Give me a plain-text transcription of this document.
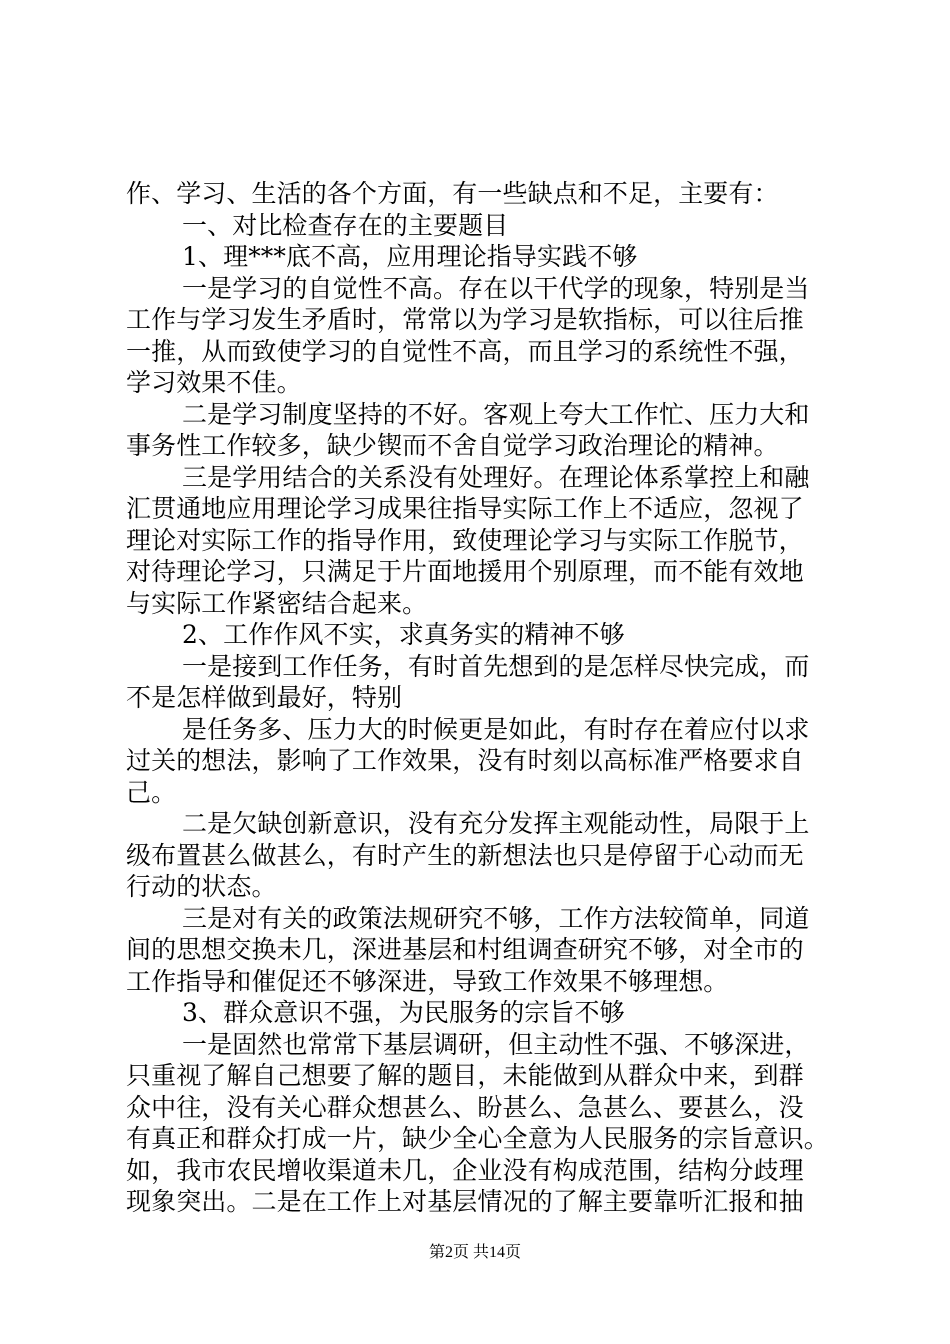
作、学习、生活的各个方面，有一些缺点和不足，主要有：

一、对比检查存在的主要题目

1、理***底不高，应用理论指导实践不够

一是学习的自觉性不高。存在以干代学的现象，特别是当

工作与学习发生矛盾时，常常以为学习是软指标，可以往后推

一推，从而致使学习的自觉性不高，而且学习的系统性不强，

学习效果不佳。

二是学习制度坚持的不好。客观上夸大工作忙、压力大和

事务性工作较多，缺少锲而不舍自觉学习政治理论的精神。

三是学用结合的关系没有处理好。在理论体系掌控上和融

汇贯通地应用理论学习成果往指导实际工作上不适应，忽视了

理论对实际工作的指导作用，致使理论学习与实际工作脱节，

对待理论学习，只满足于片面地援用个别原理，而不能有效地

与实际工作紧密结合起来。

2、工作作风不实，求真务实的精神不够

一是接到工作任务，有时首先想到的是怎样尽快完成，而

不是怎样做到最好，特别

是任务多、压力大的时候更是如此，有时存在着应付以求

过关的想法，影响了工作效果，没有时刻以高标准严格要求自

己。

二是欠缺创新意识，没有充分发挥主观能动性，局限于上

级布置甚么做甚么，有时产生的新想法也只是停留于心动而无

行动的状态。

三是对有关的政策法规研究不够，工作方法较简单，同道

间的思想交换未几，深进基层和村组调查研究不够，对全市的

工作指导和催促还不够深进，导致工作效果不够理想。

3、群众意识不强，为民服务的宗旨不够

一是固然也常常下基层调研，但主动性不强、不够深进，

只重视了解自己想要了解的题目，未能做到从群众中来，到群

众中往，没有关心群众想甚么、盼甚么、急甚么、要甚么，没

有真正和群众打成一片，缺少全心全意为人民服务的宗旨意识。

如，我市农民增收渠道未几，企业没有构成范围，结构分歧理

现象突出。二是在工作上对基层情况的了解主要靠听汇报和抽

第2页 共14页
